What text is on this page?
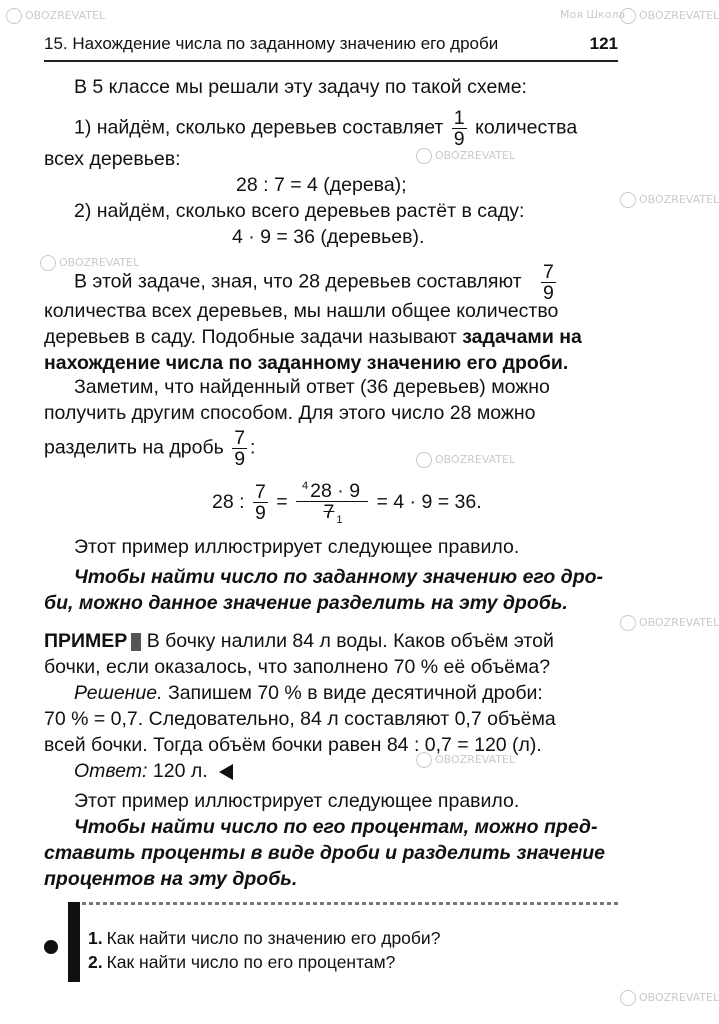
OBOZREVATEL	Моя Школа	OBOZREVATEL
OBOZREVATEL
OBOZREVATEL
OBOZREVATEL
OBOZREVATEL
OBOZREVATEL
OBOZREVATEL
OBOZREVATEL
15. Нахождение числа по заданному значению его дроби	121
В 5 классе мы решали эту задачу по такой схеме:
1) найдём, сколько деревьев составляет $\frac{1}{9}$ количества
всех деревьев:
28 : 7 = 4 (дерева);
2) найдём, сколько всего деревьев растёт в саду:
4 · 9 = 36 (деревьев).
В этой задаче, зная, что 28 деревьев составляют $\frac{7}{9}$
количества всех деревьев, мы нашли общее количество
деревьев в саду. Подобные задачи называют задачами на
нахождение числа по заданному значению его дроби.
Заметим, что найденный ответ (36 деревьев) можно
получить другим способом. Для этого число 28 можно
разделить на дробь $\frac{7}{9}$ :
28 : $\frac{7}{9} = \frac{^4 28 \cdot 9}{7 _1} = 4 \cdot 9 = 36$.
Этот пример иллюстрирует следующее правило.
Чтобы найти число по заданному значению его дро-
би, можно данное значение разделить на эту дробь.
ПРИМЕР В бочку налили 84 л воды. Каков объём этой
бочки, если оказалось, что заполнено 70 % её объёма?
Решение. Запишем 70 % в виде десятичной дроби:
70 % = 0,7. Следовательно, 84 л составляют 0,7 объёма
всей бочки. Тогда объём бочки равен 84 : 0,7 = 120 (л).
Ответ: 120 л.
Этот пример иллюстрирует следующее правило.
Чтобы найти число по его процентам, можно пред-
ставить проценты в виде дроби и разделить значение
процентов на эту дробь.
1. Как найти число по значению его дроби?
2. Как найти число по его процентам?
